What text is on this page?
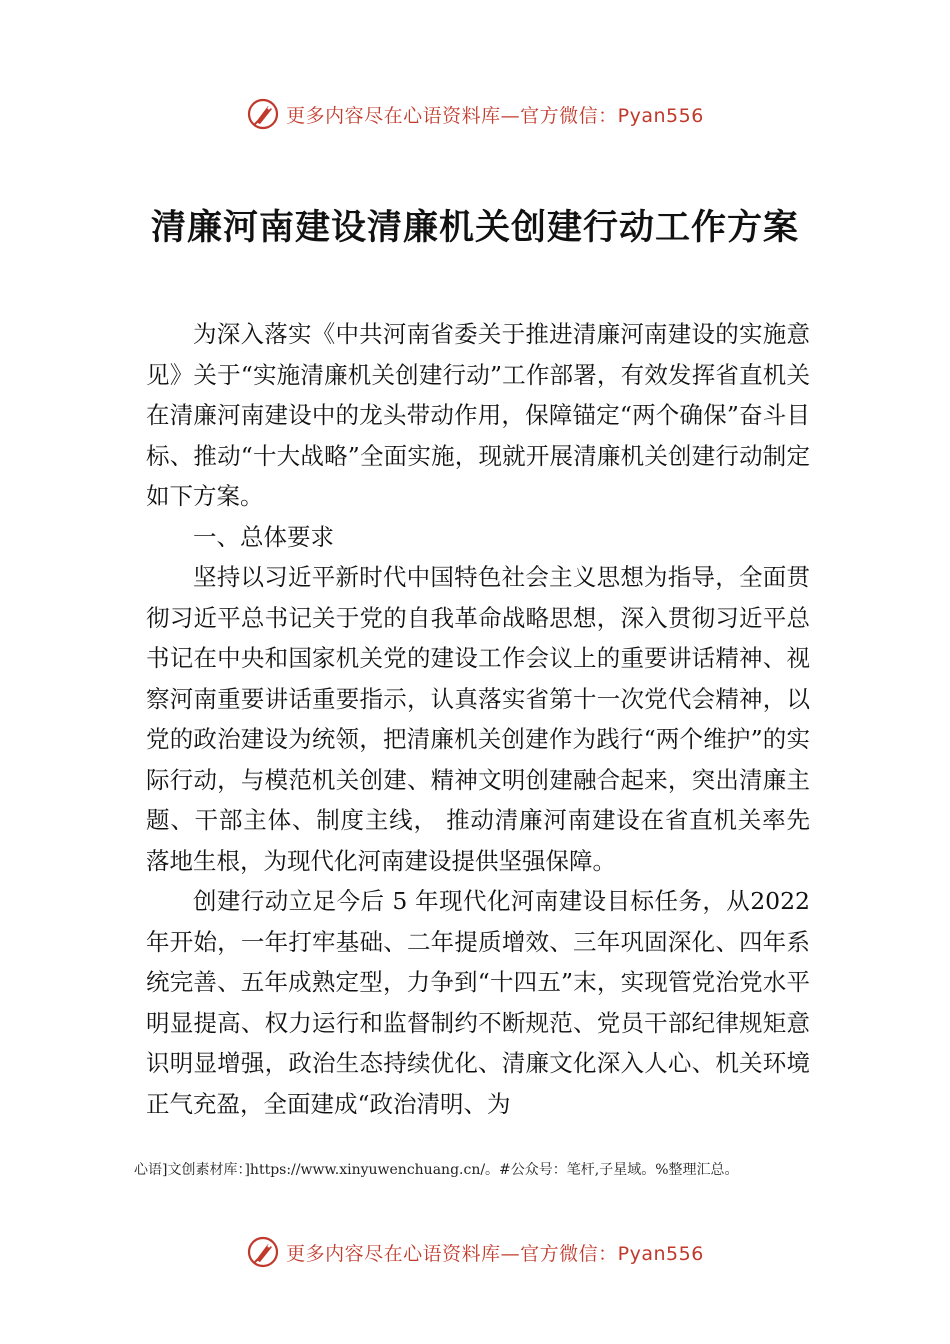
更多内容尽在心语资料库—官方微信：Pyan556
清廉河南建设清廉机关创建行动工作方案

为深入落实《中共河南省委关于推进清廉河南建设的实施意见》关于“实施清廉机关创建行动”工作部署，有效发挥省直机关在清廉河南建设中的龙头带动作用，保障锚定“两个确保”奋斗目标、推动“十大战略”全面实施，现就开展清廉机关创建行动制定如下方案。

一、总体要求

坚持以习近平新时代中国特色社会主义思想为指导，全面贯彻习近平总书记关于党的自我革命战略思想，深入贯彻习近平总书记在中央和国家机关党的建设工作会议上的重要讲话精神、视察河南重要讲话重要指示，认真落实省第十一次党代会精神，以党的政治建设为统领，把清廉机关创建作为践行“两个维护”的实际行动，与模范机关创建、精神文明创建融合起来，突出清廉主题、干部主体、制度主线， 推动清廉河南建设在省直机关率先落地生根，为现代化河南建设提供坚强保障。

创建行动立足今后 5 年现代化河南建设目标任务，从2022 年开始，一年打牢基础、二年提质增效、三年巩固深化、四年系统完善、五年成熟定型，力争到“十四五”末，实现管党治党水平明显提高、权力运行和监督制约不断规范、党员干部纪律规矩意识明显增强，政治生态持续优化、清廉文化深入人心、机关环境正气充盈，全面建成“政治清明、为

心语]文创素材库：]https://www.xinyuwenchuang.cn/。#公众号：笔杆,子星域。%整理汇总。
更多内容尽在心语资料库—官方微信：Pyan556
